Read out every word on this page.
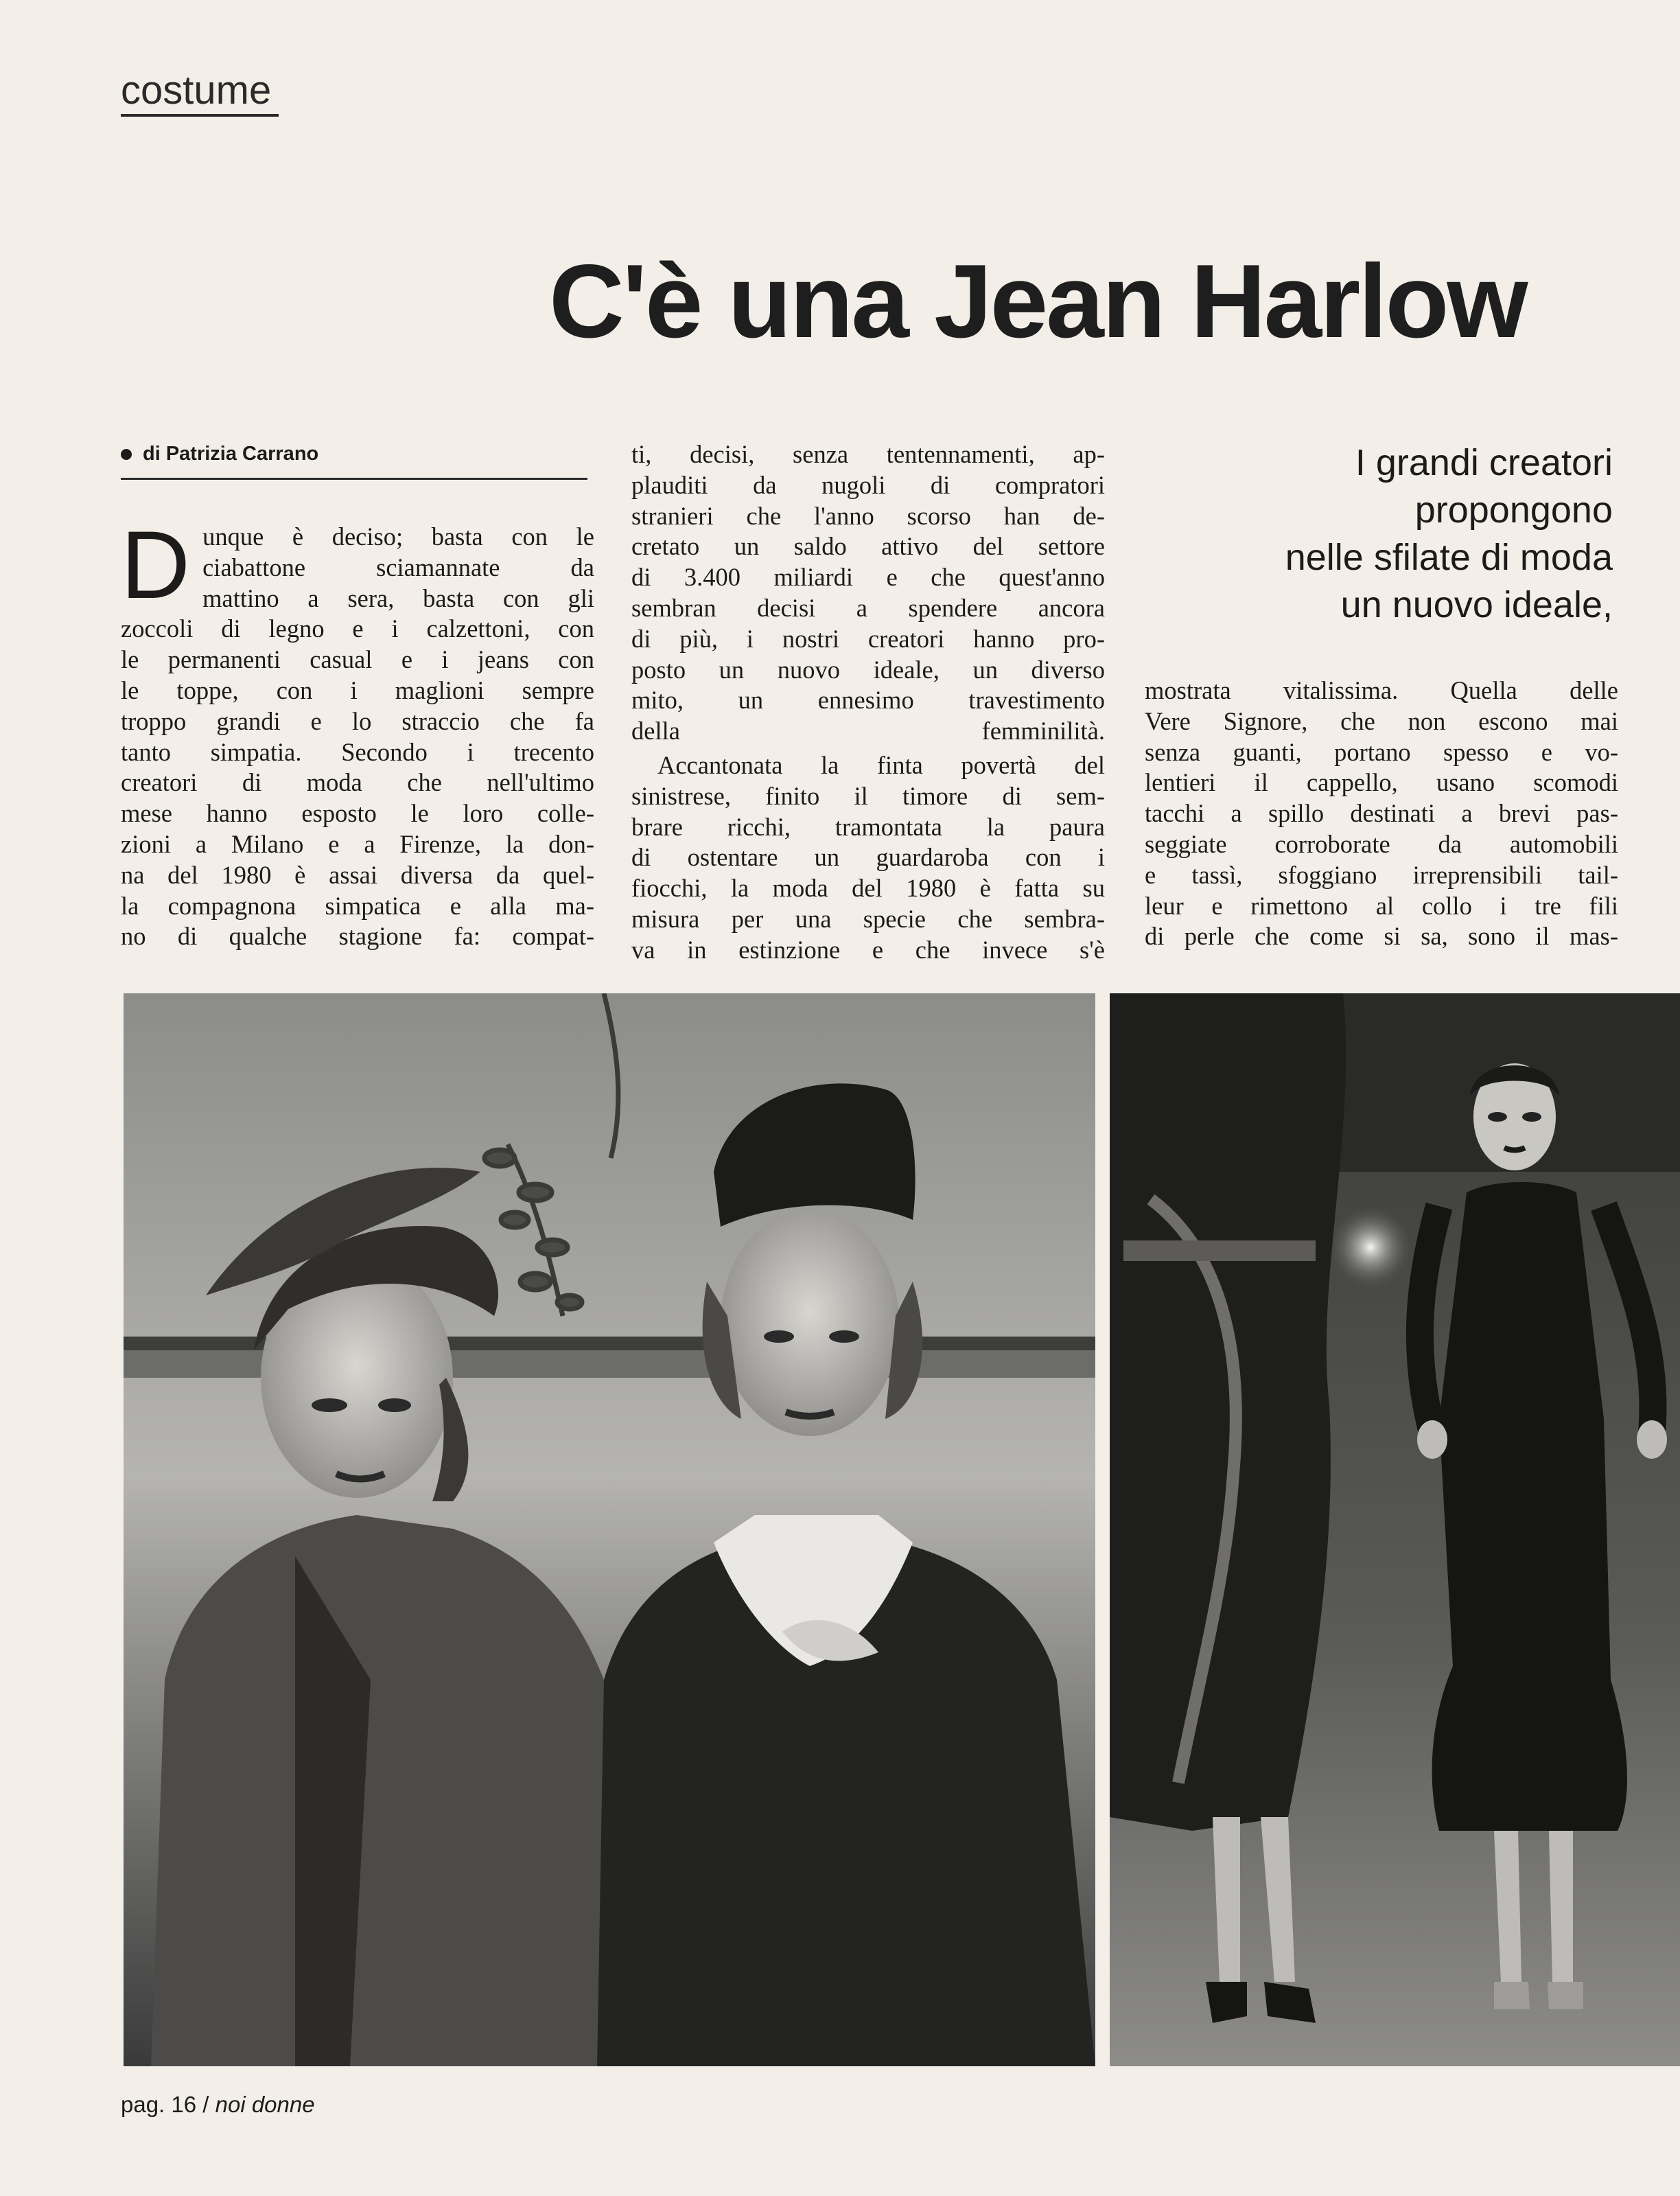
costume
C'è una Jean Harlow
di Patrizia Carrano
Dunque è deciso; basta con le
ciabattone sciamannate da
mattino a sera, basta con gli
zoccoli di legno e i calzettoni, con
le permanenti casual e i jeans con
le toppe, con i maglioni sempre
troppo grandi e lo straccio che fa
tanto simpatia. Secondo i trecento
creatori di moda che nell'ultimo
mese hanno esposto le loro colle-
zioni a Milano e a Firenze, la don-
na del 1980 è assai diversa da quel-
la compagnona simpatica e alla ma-
no di qualche stagione fa: compat-
ti, decisi, senza tentennamenti, ap-
plauditi da nugoli di compratori
stranieri che l'anno scorso han de-
cretato un saldo attivo del settore
di 3.400 miliardi e che quest'anno
sembran decisi a spendere ancora
di più, i nostri creatori hanno pro-
posto un nuovo ideale, un diverso
mito, un ennesimo travestimento
della femminilità.
Accantonata la finta povertà del
sinistrese, finito il timore di sem-
brare ricchi, tramontata la paura
di ostentare un guardaroba con i
fiocchi, la moda del 1980 è fatta su
misura per una specie che sembra-
va in estinzione e che invece s'è
I grandi creatori
propongono
nelle sfilate di moda
un nuovo ideale,
mostrata vitalissima. Quella delle
Vere Signore, che non escono mai
senza guanti, portano spesso e vo-
lentieri il cappello, usano scomodi
tacchi a spillo destinati a brevi pas-
seggiate corroborate da automobili
e tassì, sfoggiano irreprensibili tail-
leur e rimettono al collo i tre fili
di perle che come si sa, sono il mas-
pag. 16 / noi donne
